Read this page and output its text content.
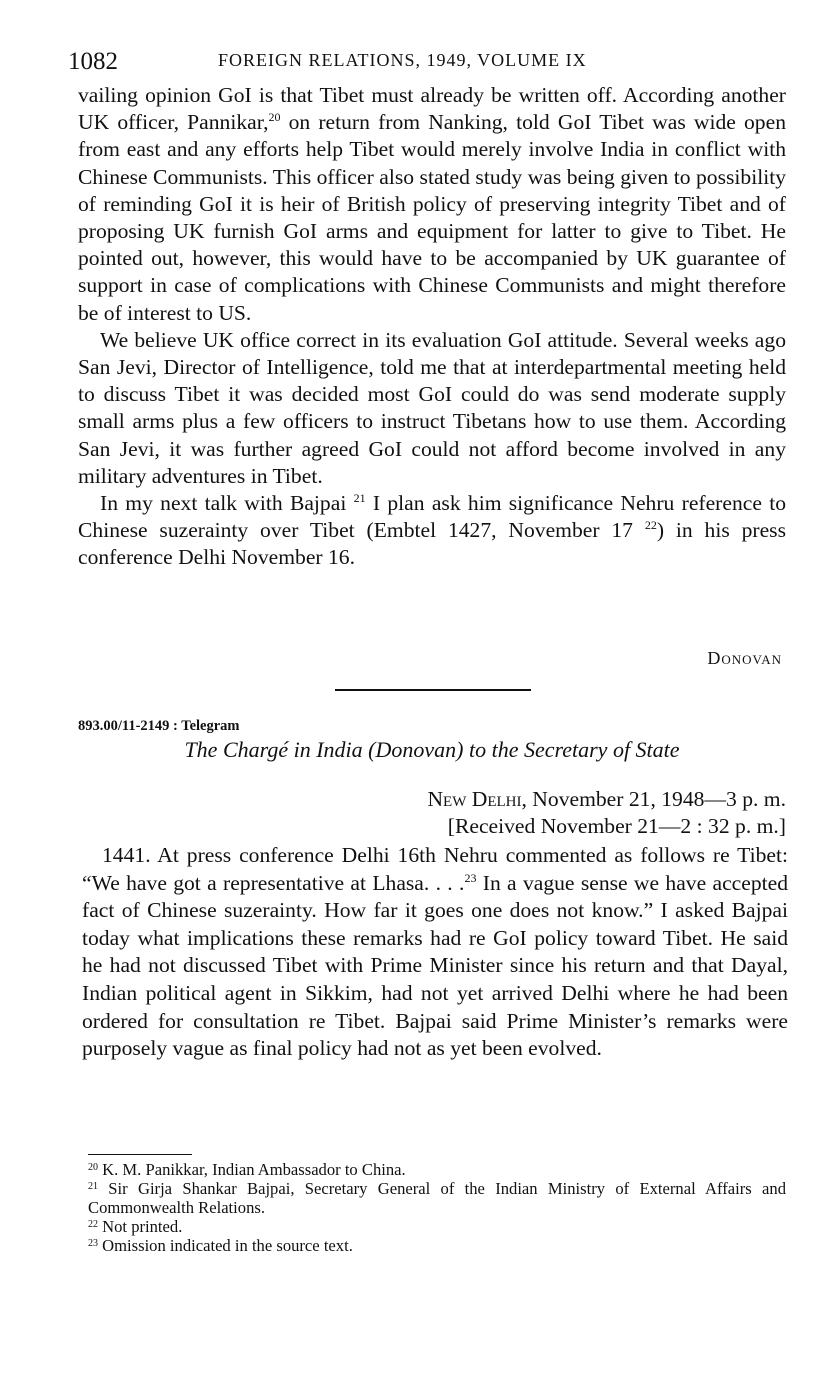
1082	FOREIGN RELATIONS, 1949, VOLUME IX

vailing opinion GoI is that Tibet must already be written off. According another UK officer, Pannikar,$^{20}$ on return from Nanking, told GoI Tibet was wide open from east and any efforts help Tibet would merely involve India in conflict with Chinese Communists. This officer also stated study was being given to possibility of reminding GoI it is heir of British policy of preserving integrity Tibet and of proposing UK furnish GoI arms and equipment for latter to give to Tibet. He pointed out, however, this would have to be accompanied by UK guarantee of support in case of complications with Chinese Communists and might therefore be of interest to US.

We believe UK office correct in its evaluation GoI attitude. Several weeks ago San Jevi, Director of Intelligence, told me that at interdepartmental meeting held to discuss Tibet it was decided most GoI could do was send moderate supply small arms plus a few officers to instruct Tibetans how to use them. According San Jevi, it was further agreed GoI could not afford become involved in any military adventures in Tibet.

In my next talk with Bajpai $^{21}$ I plan ask him significance Nehru reference to Chinese suzerainty over Tibet (Embtel 1427, November 17 $^{22}$) in his press conference Delhi November 16.

Donovan
893.00/11-2149 : Telegram
The Chargé in India (Donovan) to the Secretary of State
New Delhi, November 21, 1948—3 p. m.
[Received November 21—2 : 32 p. m.]

1441. At press conference Delhi 16th Nehru commented as follows re Tibet: “We have got a representative at Lhasa. . . .$^{23}$ In a vague sense we have accepted fact of Chinese suzerainty. How far it goes one does not know.” I asked Bajpai today what implications these remarks had re GoI policy toward Tibet. He said he had not discussed Tibet with Prime Minister since his return and that Dayal, Indian political agent in Sikkim, had not yet arrived Delhi where he had been ordered for consultation re Tibet. Bajpai said Prime Minister’s remarks were purposely vague as final policy had not as yet been evolved.

$^{20}$ K. M. Panikkar, Indian Ambassador to China.

$^{21}$ Sir Girja Shankar Bajpai, Secretary General of the Indian Ministry of External Affairs and Commonwealth Relations.

$^{22}$ Not printed.

$^{23}$ Omission indicated in the source text.
